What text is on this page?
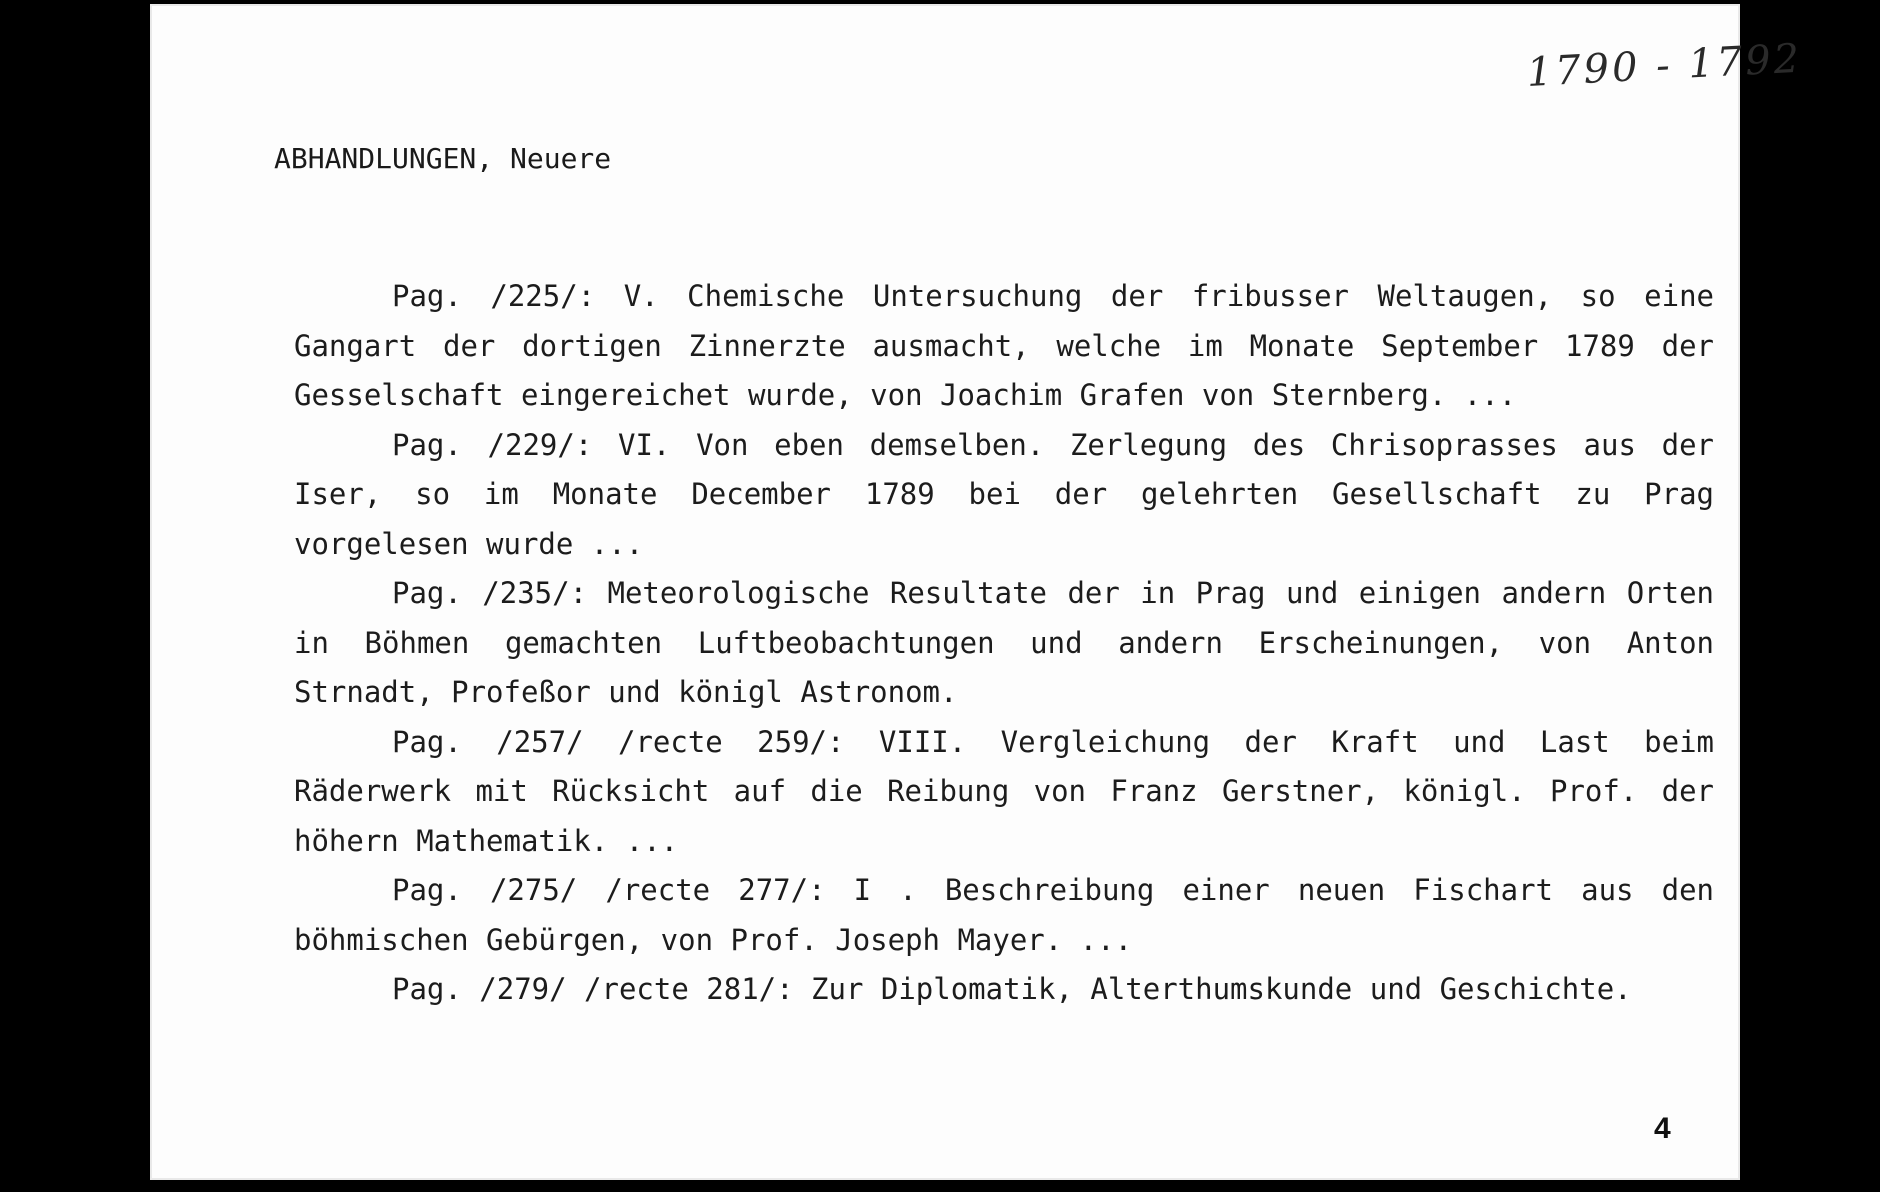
1790 - 1792
ABHANDLUNGEN, Neuere

Pag. /225/: V. Chemische Untersuchung der fribusser Weltaugen, so eine Gangart der dortigen Zinnerzte ausmacht, welche im Monate September 1789 der Gesselschaft eingereichet wurde, von Joachim Grafen von Sternberg. ...

Pag. /229/: VI. Von eben demselben. Zerlegung des Chrisoprasses aus der Iser, so im Monate December 1789 bei der gelehrten Gesellschaft zu Prag vorgelesen wurde ...

Pag. /235/: Meteorologische Resultate der in Prag und einigen andern Orten in Böhmen gemachten Luftbeobachtungen und andern Erscheinungen, von Anton Strnadt, Profeßor und königl Astronom.

Pag. /257/ /recte 259/: VIII. Vergleichung der Kraft und Last beim Räderwerk mit Rücksicht auf die Reibung von Franz Gerstner, königl. Prof. der höhern Mathematik. ...

Pag. /275/ /recte 277/: I . Beschreibung einer neuen Fischart aus den böhmischen Gebürgen, von Prof. Joseph Mayer. ...

Pag. /279/ /recte 281/: Zur Diplomatik, Alterthumskunde und Geschichte.

4
